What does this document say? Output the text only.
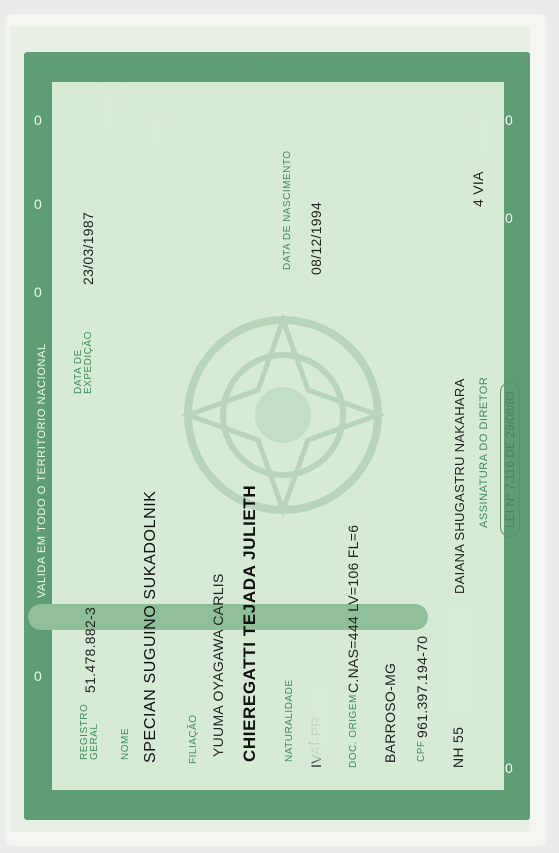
0
0
0
0
0
0
0
Abinee
VALIDA EM TODO O TERRITORIO NACIONAL
REGISTRO GERAL
51.478.882-3
DATA DE EXPEDIÇÃO
23/03/1987
NOME SPECIAN SUGUINO SUKADOLNIK	FILIAÇÃO YUUMA OYAGAWA CARLIS CHIEREGATTI TEJADA JULIETH
DATA DE NASCIMENTO 08/12/1994
NATURALIDADE	DOC. ORIGEM
C.NAS=444 LV=106 FL=6
BARROSO-MG CPF
961.397.194-70
NH 55
DAIANA SHUGASTRU NAKAHARA ASSINATURA DO DIRETOR
4 VIA
LEI Nº 7.116 DE 29/08/83
